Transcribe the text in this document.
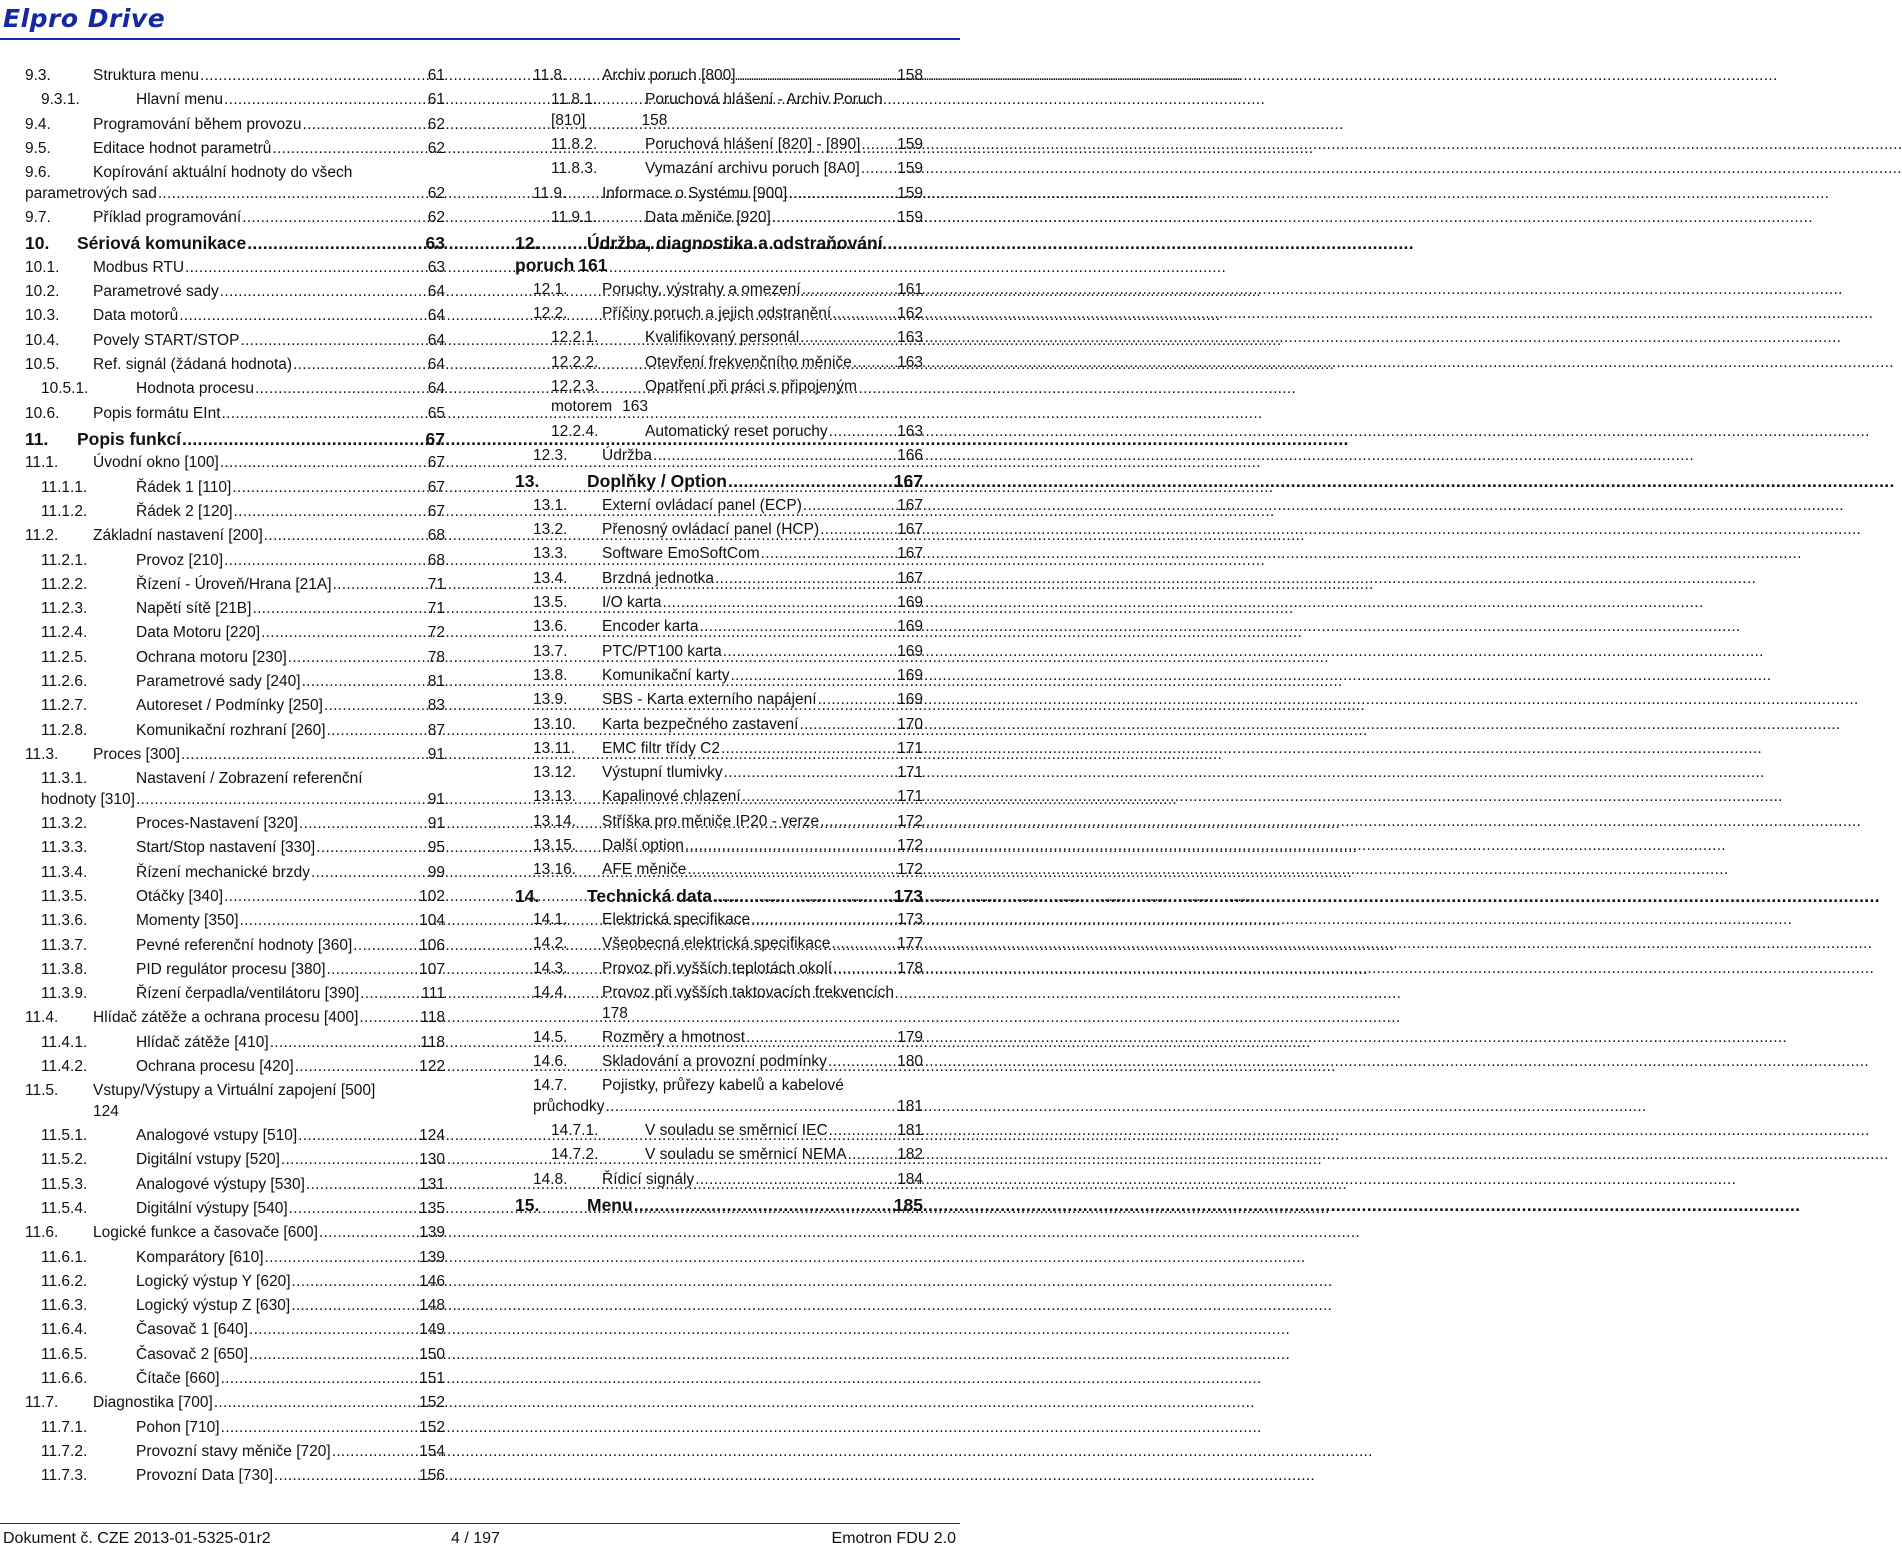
Elpro Drive
9.3.	Struktura menu .....	61
9.3.1.	Hlavní menu .....	61
9.4.	Programování během provozu .....	62
9.5.	Editace hodnot parametrů .....	62
9.6.	Kopírování aktuální hodnoty do všech
parametrových sad .....	62
9.7.	Příklad programování .....	62
10.	Sériová komunikace .....	63
10.1.	Modbus RTU .....	63
10.2.	Parametrové sady .....	64
10.3.	Data motorů .....	64
10.4.	Povely START/STOP .....	64
10.5.	Ref. signál (žádaná hodnota) .....	64
10.5.1.	Hodnota procesu .....	64
10.6.	Popis formátu EInt .....	65
11.	Popis funkcí .....	67
11.1.	Úvodní okno [100] .....	67
11.1.1.	Řádek 1 [110] .....	67
11.1.2.	Řádek 2 [120] .....	67
11.2.	Základní nastavení [200] .....	68
11.2.1.	Provoz [210] .....	68
11.2.2.	Řízení - Úroveň/Hrana [21A] .....	71
11.2.3.	Napětí sítě [21B] .....	71
11.2.4.	Data Motoru [220] .....	72
11.2.5.	Ochrana motoru [230] .....	78
11.2.6.	Parametrové sady [240] .....	81
11.2.7.	Autoreset / Podmínky [250] .....	83
11.2.8.	Komunikační rozhraní [260] .....	87
11.3.	Proces [300] .....	91
11.3.1.	Nastavení / Zobrazení referenční
hodnoty [310] .....	91
11.3.2.	Proces-Nastavení [320] .....	91
11.3.3.	Start/Stop nastavení [330] .....	95
11.3.4.	Řízení mechanické brzdy .....	99
11.3.5.	Otáčky [340] .....	102
11.3.6.	Momenty [350] .....	104
11.3.7.	Pevné referenční hodnoty [360] .....	106
11.3.8.	PID regulátor procesu [380] .....	107
11.3.9.	Řízení čerpadla/ventilátoru [390] .....	111
11.4.	Hlídač zátěže a ochrana procesu [400] .....	118
11.4.1.	Hlídač zátěže [410] .....	118
11.4.2.	Ochrana procesu [420] .....	122
11.5.	Vstupy/Výstupy a Virtuální zapojení [500]
124
11.5.1.	Analogové vstupy [510] .....	124
11.5.2.	Digitální vstupy [520] .....	130
11.5.3.	Analogové výstupy [530] .....	131
11.5.4.	Digitální výstupy [540] .....	135
11.6.	Logické funkce a časovače [600] .....	139
11.6.1.	Komparátory [610] .....	139
11.6.2.	Logický výstup Y [620] .....	146
11.6.3.	Logický výstup Z [630] .....	148
11.6.4.	Časovač 1 [640] .....	149
11.6.5.	Časovač 2 [650] .....	150
11.6.6.	Čítače [660] .....	151
11.7.	Diagnostika [700] .....	152
11.7.1.	Pohon [710] .....	152
11.7.2.	Provozní stavy měniče [720] .....	154
11.7.3.	Provozní Data [730] .....	156
11.8.	Archiv poruch [800] .....	158
11.8.1.	Poruchová hlášení - Archiv Poruch
[810]	158
11.8.2.	Poruchová hlášení [820] - [890] ..... 159
11.8.3.	Vymazání archivu poruch [8A0] ..... 159
11.9.	Informace o Systému [900] .....	159
11.9.1.	Data měniče [920] .....	159
12.	Údržba, diagnostika a odstraňování
poruch 161
12.1.	Poruchy, výstrahy a omezení .....	161
12.2.	Příčiny poruch a jejich odstranění .....	162
12.2.1.	Kvalifikovaný personál .....	163
12.2.2.	Otevření frekvenčního měniče .....	163
12.2.3.	Opatření při práci s připojeným
motorem 163
12.2.4.	Automatický reset poruchy .....	163
12.3.	Údržba .....	166
13.	Doplňky / Option .....	167
13.1.	Externí ovládací panel (ECP) .....	167
13.2.	Přenosný ovládací panel (HCP) .....	167
13.3.	Software EmoSoftCom .....	167
13.4.	Brzdná jednotka .....	167
13.5.	I/O karta .....	169
13.6.	Encoder karta .....	169
13.7.	PTC/PT100 karta .....	169
13.8.	Komunikační karty .....	169
13.9.	SBS - Karta externího napájení .....	169
13.10.	Karta bezpečného zastavení .....	170
13.11.	EMC filtr třídy C2 .....	171
13.12.	Výstupní tlumivky .....	171
13.13.	Kapalinové chlazení .....	171
13.14.	Stříška pro měniče IP20 - verze .....	172
13.15.	Další option .....	172
13.16.	AFE měniče .....	172
14.	Technická data .....	173
14.1.	Elektrická specifikace .....	173
14.2.	Všeobecná elektrická specifikace .....	177
14.3.	Provoz při vyšších teplotách okolí .....	178
14.4.	Provoz při vyšších taktovacích frekvencích
178
14.5.	Rozměry a hmotnost .....	179
14.6.	Skladování a provozní podmínky .....	180
14.7.	Pojistky, průřezy kabelů a kabelové
průchodky .....	181
14.7.1.	V souladu se směrnicí IEC .....	181
14.7.2.	V souladu se směrnicí NEMA .....	182
14.8.	Řídicí signály .....	184
15.	Menu .....	185
Dokument č. CZE 2013-01-5325-01r2	4 / 197	Emotron FDU 2.0
